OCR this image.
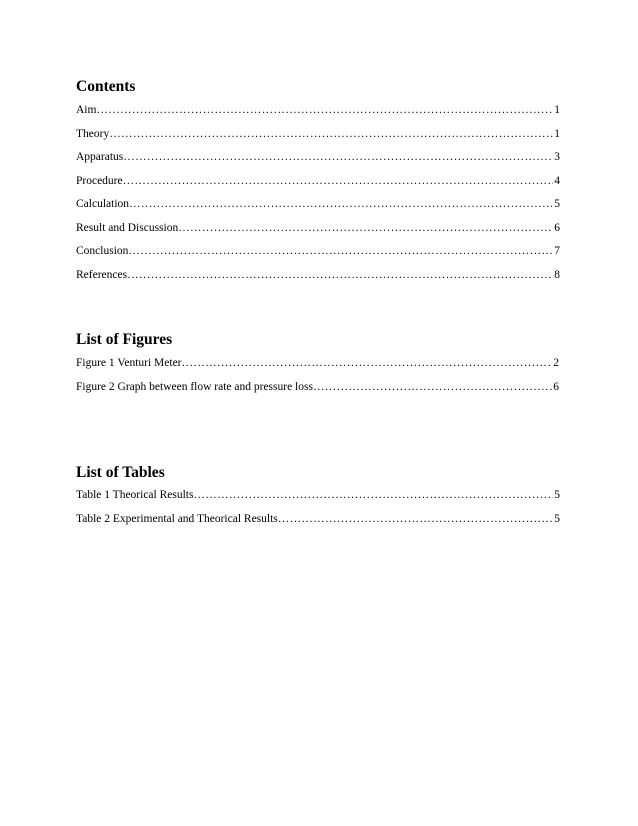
Contents
Aim ……………………………………………………………………………………………………………………………………………………………………………………………………	1
Theory ……………………………………………………………………………………………………………………………………………………………………………………………………	1
Apparatus ……………………………………………………………………………………………………………………………………………………………………………………………………	3
Procedure ……………………………………………………………………………………………………………………………………………………………………………………………………	4
Calculation ……………………………………………………………………………………………………………………………………………………………………………………………………	5
Result and Discussion ……………………………………………………………………………………………………………………………………………………………………………………………………	6
Conclusion ……………………………………………………………………………………………………………………………………………………………………………………………………	7
References ……………………………………………………………………………………………………………………………………………………………………………………………………	8
List of Figures
Figure 1 Venturi Meter ……………………………………………………………………………………………………………………………………………………………………………………………………	2
Figure 2 Graph between flow rate and pressure loss ……………………………………………………………………………………………………………………………………………………………………………………………………	6
List of Tables
Table 1 Theorical Results ……………………………………………………………………………………………………………………………………………………………………………………………………	5
Table 2 Experimental and Theorical Results ……………………………………………………………………………………………………………………………………………………………………………………………………	5
